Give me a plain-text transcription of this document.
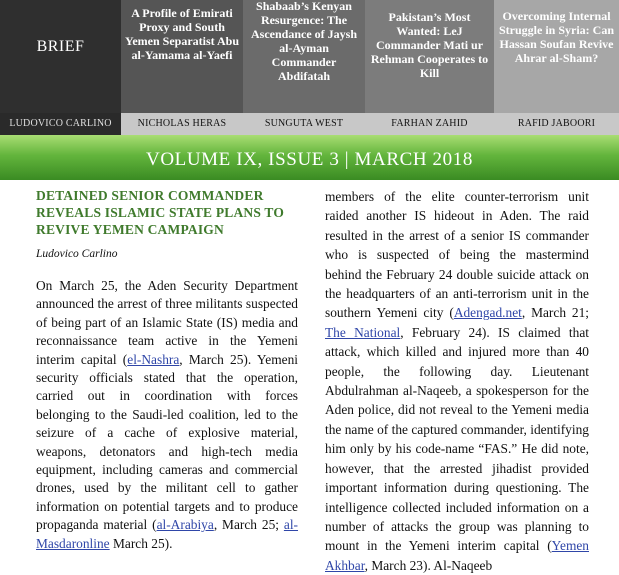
BRIEF
LUDOVICO CARLINO
A Profile of Emirati Proxy and South Yemen Separatist Abu al-Yamama al-Yaefi
NICHOLAS HERAS
Shabaab’s Kenyan Resurgence: The Ascendance of Jaysh al-Ayman Commander Abdifatah
SUNGUTA WEST
Pakistan’s Most Wanted: LeJ Commander Mati ur Rehman Cooperates to Kill
FARHAN ZAHID
Overcoming Internal Struggle in Syria: Can Hassan Soufan Revive Ahrar al-Sham?
RAFID JABOORI
VOLUME IX, ISSUE 3 | MARCH 2018
DETAINED SENIOR COMMANDER REVEALS ISLAMIC STATE PLANS TO REVIVE YEMEN CAMPAIGN
Ludovico Carlino

On March 25, the Aden Security Department announced the arrest of three militants suspected of being part of an Islamic State (IS) media and reconnaissance team active in the Yemeni interim capital (el-Nashra, March 25). Yemeni security officials stated that the operation, carried out in coordination with forces belonging to the Saudi-led coalition, led to the seizure of a cache of explosive material, weapons, detonators and high-tech media equipment, including cameras and commercial drones, used by the militant cell to gather information on potential targets and to produce propaganda material (al-Arabiya, March 25; al-Masdaronline March 25).

members of the elite counter-terrorism unit raided another IS hideout in Aden. The raid resulted in the arrest of a senior IS commander who is suspected of being the mastermind behind the February 24 double suicide attack on the headquarters of an anti-terrorism unit in the southern Yemeni city (Adengad.net, March 21; The National, February 24). IS claimed that attack, which killed and injured more than 40 people, the following day. Lieutenant Abdulrahman al-Naqeeb, a spokesperson for the Aden police, did not reveal to the Yemeni media the name of the captured commander, identifying him only by his code-name “FAS.” He did note, however, that the arrested jihadist provided important information during questioning. The intelligence collected included information on a number of attacks the group was planning to mount in the Yemeni interim capital (Yemen Akhbar, March 23). Al-Naqeeb
